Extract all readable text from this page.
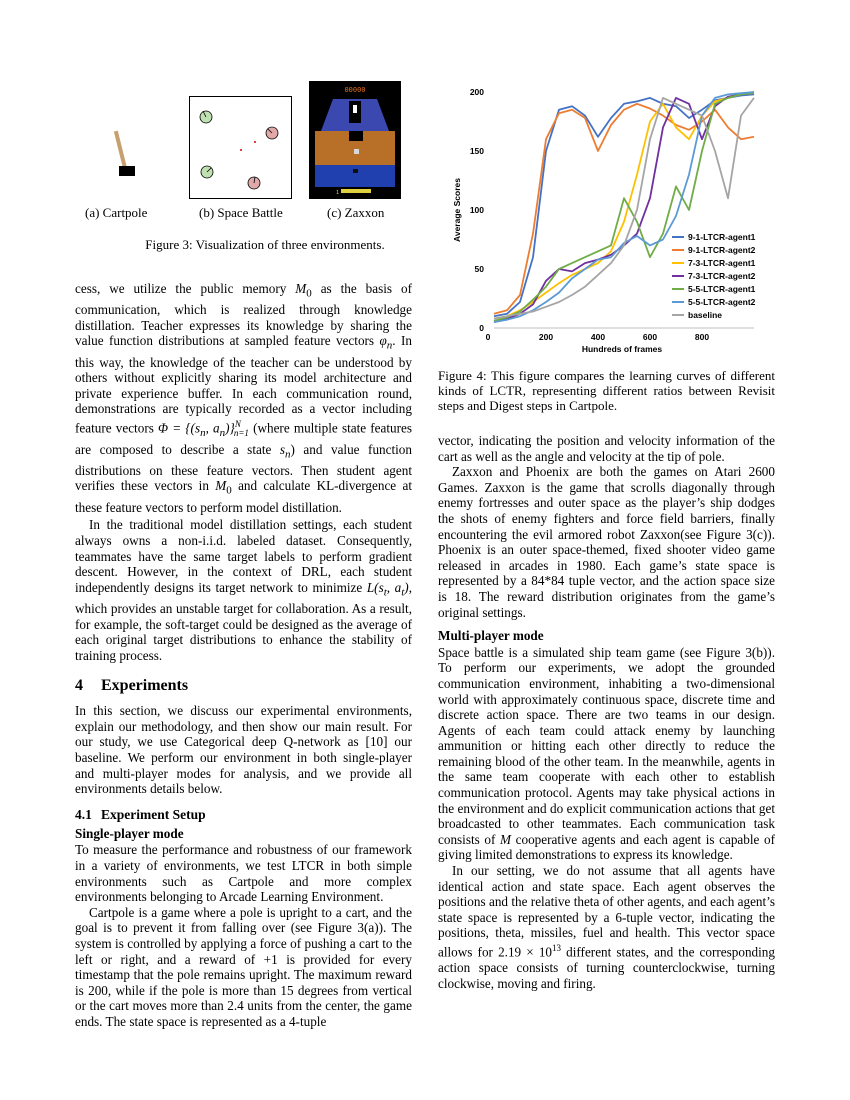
00000
1
(a) Cartpole	(b) Space Battle	(c) Zaxxon
Figure 3: Visualization of three environments.
0
50
100
150
200
0	200	400	600	800
9-1-LTCR-agent1
9-1-LTCR-agent2
7-3-LTCR-agent1
7-3-LTCR-agent2
5-5-LTCR-agent1
5-5-LTCR-agent2
baseline
Average Scores
Hundreds of frames
Figure 4: This figure compares the learning curves of different kinds of LCTR, representing different ratios between Revisit steps and Digest steps in Cartpole.

cess, we utilize the public memory $M_0$ as the basis of communication, which is realized through knowledge distillation. Teacher expresses its knowledge by sharing the value function distributions at sampled feature vectors $\varphi_n$. In this way, the knowledge of the teacher can be understood by others without explicitly sharing its model architecture and private experience buffer. In each communication round, demonstrations are typically recorded as a vector including feature vectors $\Phi = \{(s_n$, $a_n)\}^N_{n=1}$ (where multiple state features are composed to describe a state $s_n$) and value function distributions on these feature vectors. Then student agent verifies these vectors in $M_0$ and calculate KL-divergence at these feature vectors to perform model distillation.

In the traditional model distillation settings, each student always owns a non-i.i.d. labeled dataset. Consequently, teammates have the same target labels to perform gradient descent. However, in the context of DRL, each student independently designs its target network to minimize $L(s_t$, $a_t$), which provides an unstable target for collaboration. As a result, for example, the soft-target could be designed as the average of each original target distributions to enhance the stability of training process.

4 Experiments

In this section, we discuss our experimental environments, explain our methodology, and then show our main result. For our study, we use Categorical deep Q-network as [10] our baseline. We perform our environment in both single-player and multi-player modes for analysis, and we provide all environments details below.

4.1 Experiment Setup
Single-player mode

To measure the performance and robustness of our framework in a variety of environments, we test LTCR in both simple environments such as Cartpole and more complex environments belonging to Arcade Learning Environment.

Cartpole is a game where a pole is upright to a cart, and the goal is to prevent it from falling over (see Figure 3(a)). The system is controlled by applying a force of pushing a cart to the left or right, and a reward of +1 is provided for every timestamp that the pole remains upright. The maximum reward is 200, while if the pole is more than 15 degrees from vertical or the cart moves more than 2.4 units from the center, the game ends. The state space is represented as a 4-tuple

vector, indicating the position and velocity information of the cart as well as the angle and velocity at the tip of pole.

Zaxxon and Phoenix are both the games on Atari 2600 Games. Zaxxon is the game that scrolls diagonally through enemy fortresses and outer space as the player’s ship dodges the shots of enemy fighters and force field barriers, finally encountering the evil armored robot Zaxxon(see Figure 3(c)). Phoenix is an outer space-themed, fixed shooter video game released in arcades in 1980. Each game’s state space is represented by a 84*84 tuple vector, and the action space size is 18. The reward distribution originates from the game’s original settings.

Multi-player mode

Space battle is a simulated ship team game (see Figure 3(b)). To perform our experiments, we adopt the grounded communication environment, inhabiting a two-dimensional world with approximately continuous space, discrete time and discrete action space. There are two teams in our design. Agents of each team could attack enemy by launching ammunition or hitting each other directly to reduce the remaining blood of the other team. In the meanwhile, agents in the same team cooperate with each other to establish communication protocol. Agents may take physical actions in the environment and do explicit communication actions that get broadcasted to other teammates. Each communication task consists of M cooperative agents and each agent is capable of giving limited demonstrations to express its knowledge.

In our setting, we do not assume that all agents have identical action and state space. Each agent observes the positions and the relative theta of other agents, and each agent’s state space is represented by a 6-tuple vector, indicating the positions, theta, missiles, fuel and health. This vector space allows for $2.19 \times 10^{13}$ different states, and the corresponding action space consists of turning counterclockwise, turning clockwise, moving and firing.
